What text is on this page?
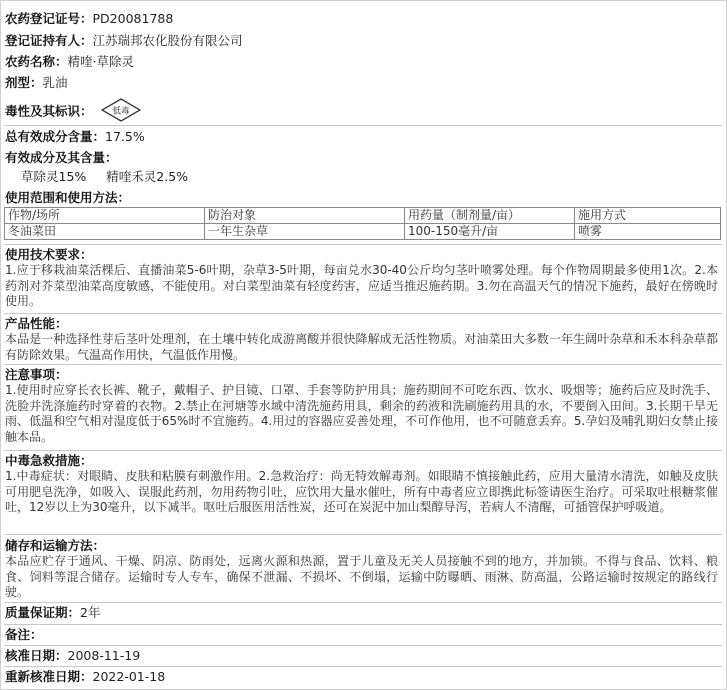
农药登记证号：PD20081788
登记证持有人：江苏瑞邦农化股份有限公司
农药名称：精喹·草除灵
剂型：乳油
毒性及其标识： 低毒
总有效成分含量：17.5%
有效成分及其含量：
草除灵15% 精喹禾灵2.5%
使用范围和使用方法：
作物/场所	防治对象	用药量（制剂量/亩）	施用方式
冬油菜田	一年生杂草	100-150毫升/亩	喷雾
使用技术要求：
1.应于移栽油菜活棵后、直播油菜5-6叶期，杂草3-5叶期，每亩兑水30-40公斤均匀茎叶喷雾处理。每个作物周期最多使用1次。2.本药剂对芥菜型油菜高度敏感，不能使用。对白菜型油菜有轻度药害，应适当推迟施药期。3.勿在高温天气的情况下施药，最好在傍晚时使用。
产品性能：
本品是一种选择性芽后茎叶处理剂，在土壤中转化成游离酸并很快降解成无活性物质。对油菜田大多数一年生阔叶杂草和禾本科杂草都有防除效果。气温高作用快，气温低作用慢。
注意事项：
1.使用时应穿长衣长裤、靴子，戴帽子、护目镜、口罩、手套等防护用具；施药期间不可吃东西、饮水、吸烟等；施药后应及时洗手、洗脸并洗涤施药时穿着的衣物。2.禁止在河塘等水域中清洗施药用具，剩余的药液和洗刷施药用具的水，不要倒入田间。3.长期干旱无雨、低温和空气相对湿度低于65%时不宜施药。4.用过的容器应妥善处理，不可作他用，也不可随意丢弃。5.孕妇及哺乳期妇女禁止接触本品。
中毒急救措施：
1.中毒症状：对眼睛、皮肤和粘膜有刺激作用。2.急救治疗：尚无特效解毒剂。如眼睛不慎接触此药，应用大量清水清洗，如触及皮肤可用肥皂洗净，如吸入、误服此药剂，勿用药物引吐，应饮用大量水催吐，所有中毒者应立即携此标签请医生治疗。可采取吐根糖浆催吐，12岁以上为30毫升，以下减半。呕吐后服医用活性炭，还可在炭泥中加山梨醇导泻，若病人不清醒，可插管保护呼吸道。
储存和运输方法：
本品应贮存于通风、干燥、阴凉、防雨处，远离火源和热源，置于儿童及无关人员接触不到的地方，并加锁。不得与食品、饮料、粮食、饲料等混合储存。运输时专人专车，确保不泄漏、不损坏、不倒塌，运输中防曝晒、雨淋、防高温，公路运输时按规定的路线行驶。
质量保证期：2年
备注：
核准日期：2008-11-19
重新核准日期：2022-01-18
